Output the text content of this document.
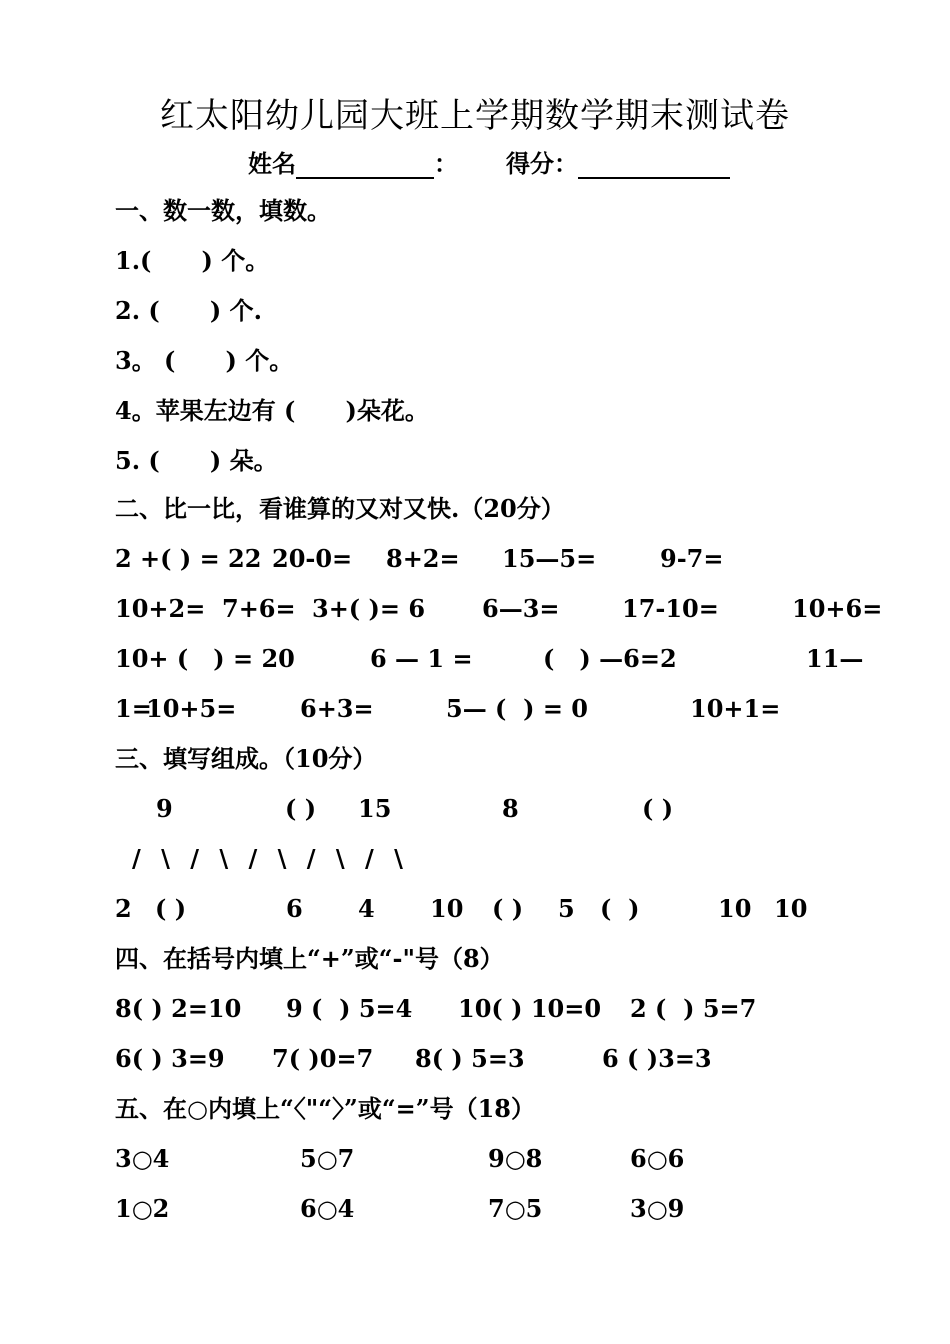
红太阳幼儿园大班上学期数学期末测试卷
姓名	： 得分：
一、数一数，填数。
1.(      ) 个。
2. (      ) 个.
3。 (      ) 个。
4。苹果左边有 (      )朵花。
5. (      ) 朵。
二、比一比，看谁算的又对又快.（20分）
2 +( ) = 22 20-0= 8+2= 15—5=	9-7=
10+2= 7+6= 3+( )= 6 6—3=	17-10=	10+6=
10+ (   ) = 20	6 — 1 =	(   ) —6=2	11—
1=
10+5=	6+3=	5— (  ) = 0	10+1=
三、填写组成。（10分）
9	( ) 15	8	( )
/ \ / \ / \ / \ / \
2 ( )	6 4 10 ( ) 5 (  )	10 10
四、在括号内填上“+”或“-"号（8）
8( ) 2=10 9 (  ) 5=4 10( ) 10=0 2 (  ) 5=7
6( ) 3=9 7( )0=7 8( ) 5=3	6 ( )3=3
五、在○内填上“〈"“〉”或“=”号（18）
3○4	5○7	9○8	6○6
1○2	6○4	7○5	3○9
